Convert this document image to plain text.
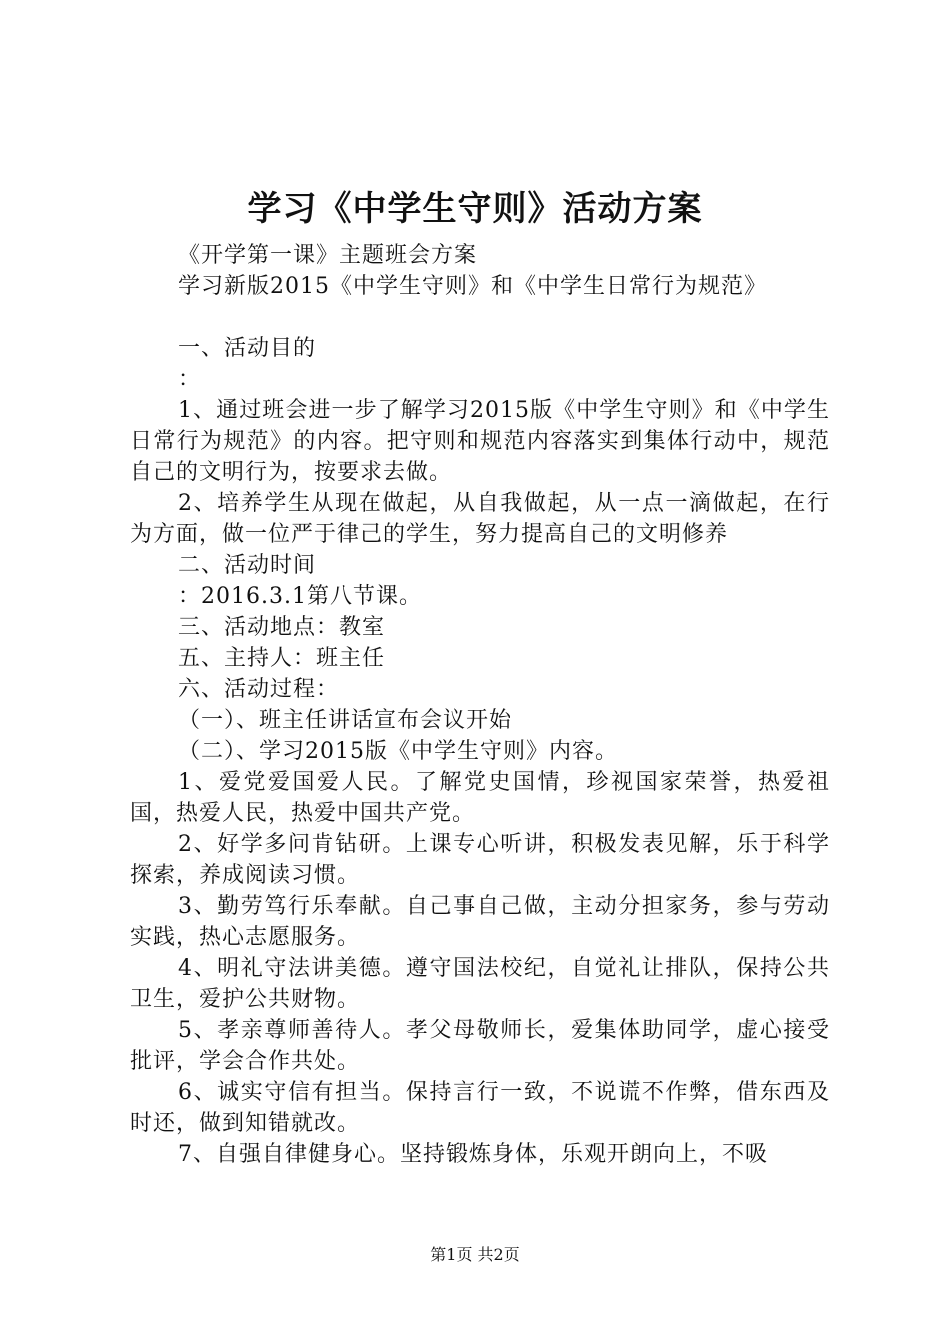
学习《中学生守则》活动方案
《开学第一课》主题班会方案
学习新版2015《中学生守则》和《中学生日常行为规范》
一、活动目的
：
1、通过班会进一步了解学习2015版《中学生守则》和《中学生日常行为规范》的内容。把守则和规范内容落实到集体行动中，规范自己的文明行为，按要求去做。
2、培养学生从现在做起，从自我做起，从一点一滴做起，在行为方面，做一位严于律己的学生，努力提高自己的文明修养
二、活动时间
：2016.3.1第八节课。
三、活动地点：教室
五、主持人：班主任
六、活动过程：
（一）、班主任讲话宣布会议开始
（二）、学习2015版《中学生守则》内容。
1、爱党爱国爱人民。了解党史国情，珍视国家荣誉，热爱祖国，热爱人民，热爱中国共产党。
2、好学多问肯钻研。上课专心听讲，积极发表见解，乐于科学探索，养成阅读习惯。
3、勤劳笃行乐奉献。自己事自己做，主动分担家务，参与劳动实践，热心志愿服务。
4、明礼守法讲美德。遵守国法校纪，自觉礼让排队，保持公共卫生，爱护公共财物。
5、孝亲尊师善待人。孝父母敬师长，爱集体助同学，虚心接受批评，学会合作共处。
6、诚实守信有担当。保持言行一致，不说谎不作弊，借东西及时还，做到知错就改。
7、自强自律健身心。坚持锻炼身体，乐观开朗向上，不吸
第1页 共2页
